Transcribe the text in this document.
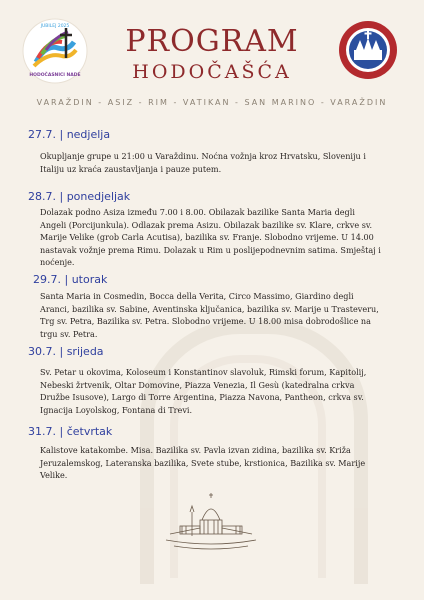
JUBILEJ 2025
HODOČASNICI NADE
PROGRAM
HODOČAŠĆA
VARAŽDIN - ASIZ - RIM - VATIKAN - SAN MARINO - VARAŽDIN
27.7. | nedjelja
Okupljanje grupe u 21:00 u Varaždinu. Noćna vožnja kroz Hrvatsku, Sloveniju i Italiju uz kraća zaustavljanja i pauze putem.
28.7. | ponedjeljak
Dolazak podno Asiza između 7.00 i 8.00. Obilazak bazilike Santa Maria degli Angeli (Porcijunkula). Odlazak prema Asizu. Obilazak bazilike sv. Klare, crkve sv. Marije Velike (grob Carla Acutisa), bazilika sv. Franje. Slobodno vrijeme. U 14.00 nastavak vožnje prema Rimu. Dolazak u Rim u poslijepodnevnim satima. Smještaj i noćenje.
29.7. | utorak
Santa Maria in Cosmedin, Bocca della Verita, Circo Massimo, Giardino degli Aranci, bazilika sv. Sabine, Aventinska ključanica, bazilika sv. Marije u Trasteveru, Trg sv. Petra, Bazilika sv. Petra. Slobodno vrijeme. U 18.00 misa dobrodošlice na trgu sv. Petra.
30.7. | srijeda
Sv. Petar u okovima, Koloseum i Konstantinov slavoluk, Rimski forum, Kapitolij, Nebeski žrtvenik, Oltar Domovine, Piazza Venezia, Il Gesù (katedralna crkva Družbe Isusove), Largo di Torre Argentina, Piazza Navona, Pantheon, crkva sv. Ignacija Loyolskog, Fontana di Trevi.
31.7. | četvrtak
Kalistove katakombe. Misa. Bazilika sv. Pavla izvan zidina, bazilika sv. Križa Jeruzalemskog, Lateranska bazilika, Svete stube, krstionica, Bazilika sv. Marije Velike.
